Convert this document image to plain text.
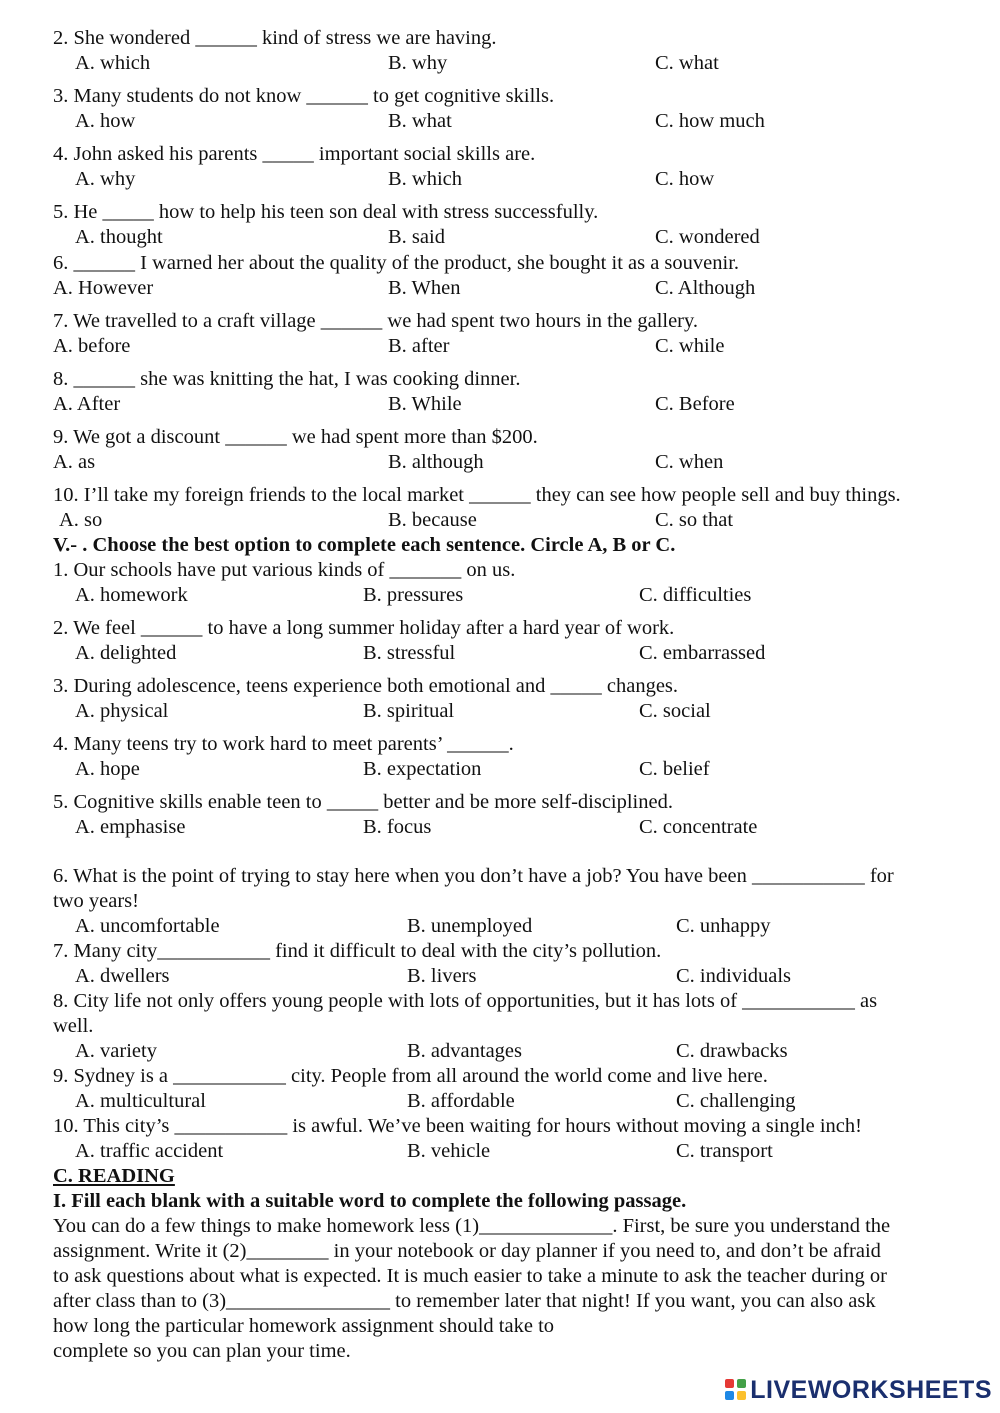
2. She wondered ______ kind of stress we are having.
A. which	B. why	C. what
3. Many students do not know ______ to get cognitive skills.
A. how	B. what	C. how much
4. John asked his parents _____ important social skills are.
A. why	B. which	C. how
5. He _____ how to help his teen son deal with stress successfully.
A. thought	B. said	C. wondered
6. ______ I warned her about the quality of the product, she bought it as a souvenir.
A. However	B. When	C. Although
7. We travelled to a craft village ______ we had spent two hours in the gallery.
A. before	B. after	C. while
8. ______ she was knitting the hat, I was cooking dinner.
A. After	B. While	C. Before
9. We got a discount ______ we had spent more than $200.
A. as	B. although	C. when
10. I’ll take my foreign friends to the local market ______ they can see how people sell and buy things.
A. so	B. because	C. so that
V.- . Choose the best option to complete each sentence. Circle A, B or C.
1. Our schools have put various kinds of _______ on us.
A. homework	B. pressures	C. difficulties
2. We feel ______ to have a long summer holiday after a hard year of work.
A. delighted	B. stressful	C. embarrassed
3. During adolescence, teens experience both emotional and _____ changes.
A. physical	B. spiritual	C. social
4. Many teens try to work hard to meet parents’ ______.
A. hope	B. expectation	C. belief
5. Cognitive skills enable teen to _____ better and be more self-disciplined.
A. emphasise	B. focus	C. concentrate
6. What is the point of trying to stay here when you don’t have a job? You have been ___________ for two years!
A. uncomfortable	B. unemployed	C. unhappy
7. Many city___________ find it difficult to deal with the city’s pollution.
A. dwellers	B. livers	C. individuals
8. City life not only offers young people with lots of opportunities, but it has lots of ___________ as well.
A. variety	B. advantages	C. drawbacks
9. Sydney is a ___________ city. People from all around the world come and live here.
A. multicultural	B. affordable	C. challenging
10. This city’s ___________ is awful. We’ve been waiting for hours without moving a single inch!
A. traffic accident	B. vehicle	C. transport
C. READING
I. Fill each blank with a suitable word to complete the following passage.
You can do a few things to make homework less (1)_____________. First, be sure you understand the
assignment. Write it (2)________ in your notebook or day planner if you need to, and don’t be afraid
to ask questions about what is expected. It is much easier to take a minute to ask the teacher during or
after class than to (3)________________ to remember later that night! If you want, you can also ask
how long the particular homework assignment should take to
complete so you can plan your time.
LIVEWORKSHEETS
